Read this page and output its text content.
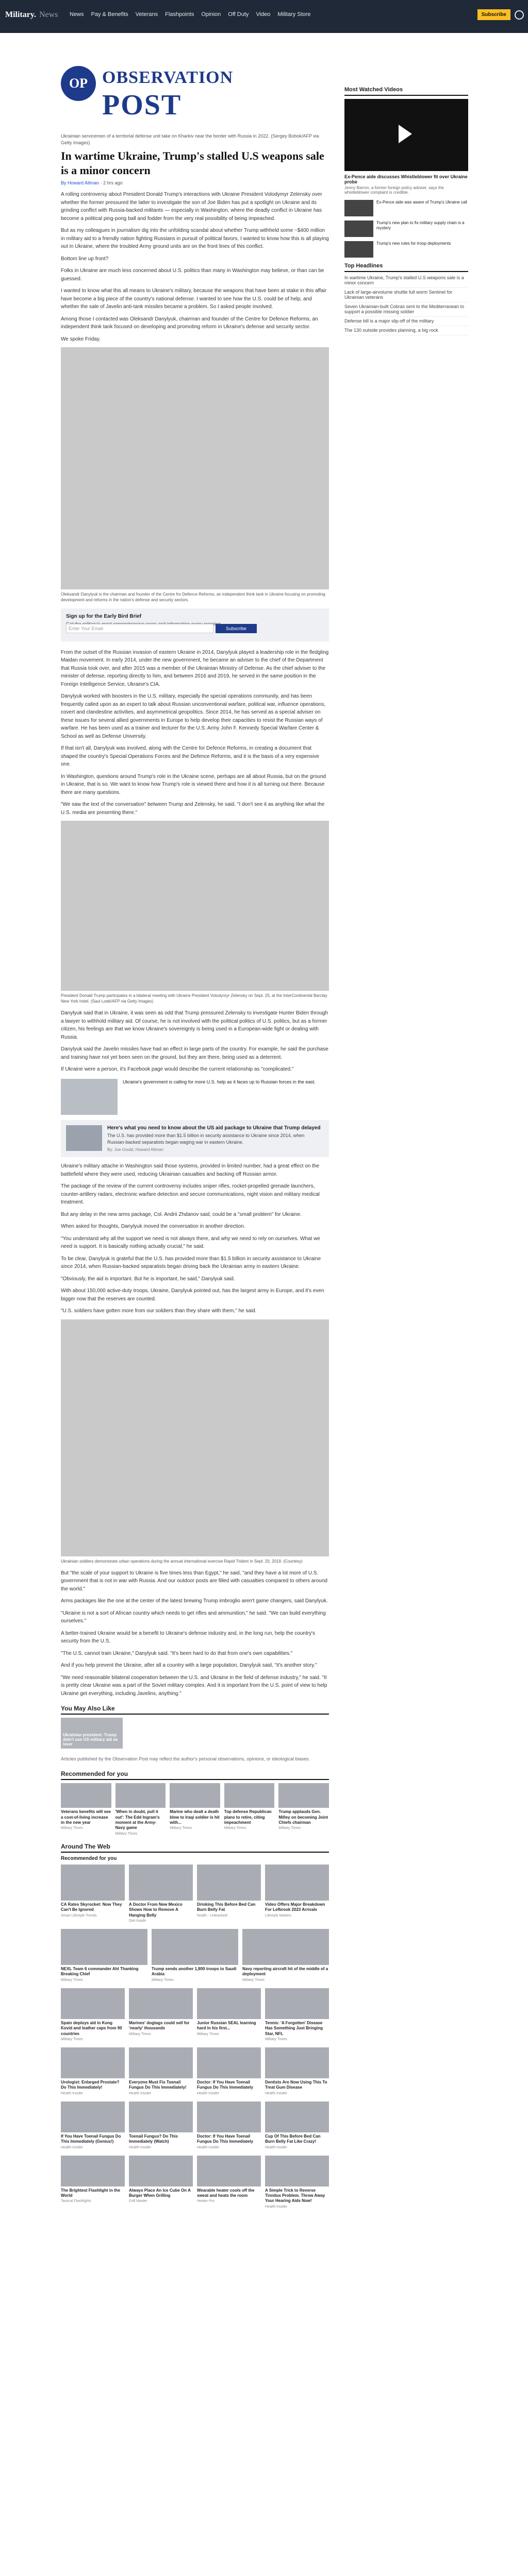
Military. News News Pay & Benefits Veterans Flashpoints Opinion Off Duty Video Military Store	Subscribe
OP OBSERVATION
POST
Ukrainian servicemen of a territorial defense unit take on Kharkiv near the border with Russia in 2022. (Sergey Bobok/AFP via Getty Images)
In wartime Ukraine, Trump's stalled U.S weapons sale is a minor concern
By Howard Altman · 2 hrs ago

A rolling controversy about President Donald Trump's interactions with Ukraine President Volodymyr Zelensky over whether the former pressured the latter to investigate the son of Joe Biden has put a spotlight on Ukraine and its grinding conflict with Russia-backed militants — especially in Washington, where the deadly conflict in Ukraine has become a political ping-pong ball and fodder from the very real possibility of being impeached.

But as my colleagues in journalism dig into the unfolding scandal about whether Trump withheld some ~$400 million in military aid to a friendly nation fighting Russians in pursuit of political favors, I wanted to know how this is all playing out in Ukraine, where the troubled Army ground units are on the front lines of this conflict.

Bottom line up front?

Folks in Ukraine are much less concerned about U.S. politics than many in Washington may believe, or than can be guessed.

I wanted to know what this all means to Ukraine's military, because the weapons that have been at stake in this affair have become a big piece of the country's national defense. I wanted to see how the U.S. could be of help, and whether the sale of Javelin anti-tank missiles became a problem. So I asked people involved.

Among those I contacted was Oleksandr Danylyuk, chairman and founder of the Centre for Defence Reforms, an independent think tank focused on developing and promoting reform in Ukraine's defense and security sector.

We spoke Friday.

Oleksandr Danylyuk is the chairman and founder of the Centre for Defence Reforms, an independent think tank in Ukraine focusing on promoting development and reforms in the nation's defense and security sectors.
Sign up for the Early Bird Brief
Enter Your Email	Subscribe

From the outset of the Russian invasion of eastern Ukraine in 2014, Danylyuk played a leadership role in the fledgling Maidan movement. In early 2014, under the new government, he became an adviser to the chief of the Department that Russia took over, and after 2015 was a member of the Ukrainian Ministry of Defense. As the chief adviser to the minister of defense, reporting directly to him, and between 2016 and 2019, he served in the same position in the Foreign Intelligence Service, Ukraine's CIA.

Danylyuk worked with boosters in the U.S. military, especially the special operations community, and has been frequently called upon as an expert to talk about Russian unconventional warfare, political war, influence operations, covert and clandestine activities, and asymmetrical geopolitics. Since 2014, he has served as a special adviser on these issues for several allied governments in Europe to help develop their capacities to resist the Russian ways of warfare. He has been used as a trainer and lecturer for the U.S. Army John F. Kennedy Special Warfare Center & School as well as Defense University.

If that isn't all, Danylyuk was involved, along with the Centre for Defence Reforms, in creating a document that shaped the country's Special Operations Forces and the Defence Reforms, and it is the basis of a very expensive one.

In Washington, questions around Trump's role in the Ukraine scene, perhaps are all about Russia, but on the ground in Ukraine, that is so. We want to know how Trump's role is viewed there and how it is all turning out there. Because there are many questions.

"We saw the text of the conversation" between Trump and Zelensky, he said. "I don't see it as anything like what the U.S. media are presenting there."

President Donald Trump participates in a bilateral meeting with Ukraine President Volodymyr Zelensky on Sept. 25, at the InterContinental Barclay New York hotel. (Saul Loeb/AFP via Getty Images)

Danylyuk said that in Ukraine, it was seen as odd that Trump pressured Zelensky to investigate Hunter Biden through a lawyer to withhold military aid. Of course, he is not involved with the political politics of U.S. politics, but as a former citizen, his feelings are that we know Ukraine's sovereignty is being used in a European-wide fight or dealing with Russia.

Danylyuk said the Javelin missiles have had an effect in large parts of the country. For example, he said the purchase and training have not yet been seen on the ground, but they are there, being used as a deterrent.

If Ukraine were a person, it's Facebook page would describe the current relationship as "complicated."

Ukraine's government is calling for more U.S. help as it faces up to Russian forces in the east.
Here's what you need to know about the US aid package to Ukraine that Trump delayed
The U.S. has provided more than $1.5 billion in security assistance to Ukraine since 2014, when Russian-backed separatists began waging war in eastern Ukraine.
By: Joe Gould, Howard Altman

Ukraine's military attache in Washington said those systems, provided in limited number, had a great effect on the battlefield where they were used, reducing Ukrainian casualties and backing off Russian armor.

The package of the review of the current controversy includes sniper rifles, rocket-propelled grenade launchers, counter-artillery radars, electronic warfare detection and secure communications, night vision and military medical treatment.

But any delay in the new arms package, Col. Andrii Zhdanov said, could be a "small problem" for Ukraine.

When asked for thoughts, Danylyuk moved the conversation in another direction.

"You understand why all the support we need is not always there, and why we need to rely on ourselves. What we need is support. It is basically nothing actually crucial," he said.

To be clear, Danylyuk is grateful that the U.S. has provided more than $1.5 billion in security assistance to Ukraine since 2014, when Russian-backed separatists began driving back the Ukrainian army in eastern Ukraine.

"Obviously, the aid is important. But he is important, he said," Danylyuk said.

With about 150,000 active-duty troops, Ukraine, Danylyuk pointed out, has the largest army in Europe, and it's even bigger now that the reserves are counted.

"U.S. soldiers have gotten more from our soldiers than they share with them," he said.

Ukrainian soldiers demonstrate urban operations during the annual international exercise Rapid Trident in Sept. 20, 2019. (Courtesy)

But "the scale of your support to Ukraine is five times less than Egypt," he said, "and they have a lot more of U.S. government that is not in war with Russia. And our outdoor posts are filled with casualties compared to others around the world."

Arms packages like the one at the center of the latest brewing Trump imbroglio aren't game changers, said Danylyuk.

"Ukraine is not a sort of African country which needs to get rifles and ammunition," he said. "We can build everything ourselves."

A better-trained Ukraine would be a benefit to Ukraine's defense industry and, in the long run, help the country's security from the U.S.

"The U.S. cannot train Ukraine," Danylyuk said. "It's been hard to do that from one's own capabilities."

And if you help prevent the Ukraine, after all a country with a large population, Danylyuk said, "it's another story."

"We need reasonable bilateral cooperation between the U.S. and Ukraine in the field of defense industry," he said. "It is pretty clear Ukraine was a part of the Soviet military complex. And it is important from the U.S. point of view to help Ukraine get everything, including Javelins, anything."

You May Also Like
Ukrainian president: Trump didn't use US military aid as lever

Articles published by the Observation Post may reflect the author's personal observations, opinions, or ideological biases.

Recommended for you
Veterans benefits will see a cost-of-living increase in the new year
Military Times
'When in doubt, pull it out': The Edd Ingram's moment at the Army-Navy game
Military Times
Marine who dealt a death blow to Iraqi soldier is hit with...
Military Times
Top defense Republican plans to retire, citing impeachment
Military Times
Trump applauds Gen. Milley on becoming Joint Chiefs chairman
Military Times
Around The Web
Recommended for you
CA Rates Skyrocket: Now They Can't Be Ignored
Smart Lifestyle Trends
A Doctor From New Mexico Shows How to Remove A Hanging Belly
Diet Inside
Drinking This Before Bed Can Burn Belly Fat
health - Unleashed
Video Offers Major Breakdown For Lefbrook 2023 Arrivals
Lifestyle Matters
NEXL Team 6 commander Ahl Thanking Breaking Chief
Military Times
Trump sends another 1,800 troops to Saudi Arabia
Military Times
Navy reporting aircraft hit of the middle of a deployment
Military Times
Spain deploys aid in Kong Kovid and leather caps from 90 countries
Military Times
Marines' dogtags could sell for 'nearly' thousands
Military Times
Junior Russian SEAL learning hard in his first...
Military Times
Tennis: 'A Forgotten' Disease Has Something Just Bringing Star, NFL
Military Times
Urologist: Enlarged Prostate? Do This Immediately!
Health Insider
Everyone Must Fix Toenail Fungus Do This Immediately!
Health Insider
Doctor: If You Have Toenail Fungus Do This Immediately
Health Insider
Dentists Are Now Using This To Treat Gum Disease
Health Insider
If You Have Toenail Fungus Do This Immediately (Genius!)
Health Insider
Toenail Fungus? Do This Immediately (Watch)
Health Insider
Doctor: If You Have Toenail Fungus Do This Immediately
Health Insider
Cup Of This Before Bed Can Burn Belly Fat Like Crazy!
Health Insider
The Brightest Flashlight in the World
Tactical Flashlights
Always Place An Ice Cube On A Burger When Grilling
Grill Master
Wearable heater cools off the sweat and heats the room
Heater Pro
A Simple Trick to Reverse Tinnitus Problem. Throw Away Your Hearing Aids Now!
Health Insider
Most Watched Videos
Ex-Pence aide discusses Whistleblower fit over Ukraine probe
Jenny Barron, a former foreign policy adviser, says the whistleblower complaint is credible.
Ex-Pence aide was aware of Trump's Ukraine call
Trump's new plan to fix military supply chain is a mystery
Trump's new rules for troop deployments
Top Headlines
In wartime Ukraine, Trump's stalled U.S weapons sale is a minor concern
Lack of large-airvolume shuttle full worm Sentinel for Ukrainian veterans
Seven Ukrainian-built Cobras sent to the Mediterranean to support a possible missing soldier
Defense bill is a major slip-off of the military
The 130 outside provides planning, a big rock
